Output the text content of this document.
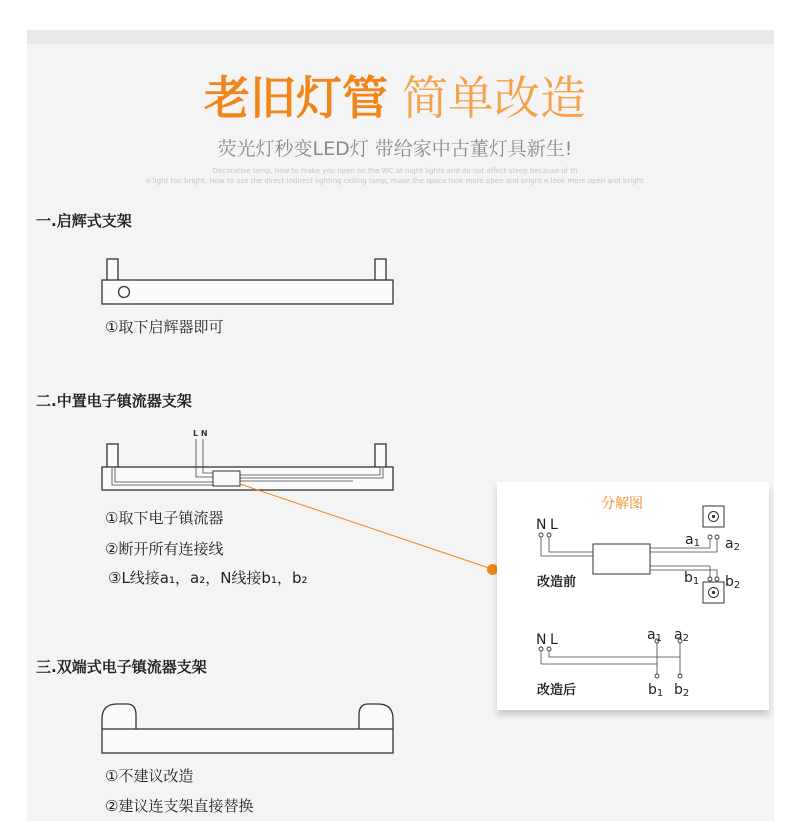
老旧灯管 简单改造
荧光灯秒变LED灯 带给家中古董灯具新生!
Decorative lamp, how to make you open on the WC at night lights and do not affect sleep because of th
e light too bright, How to use the direct indirect lighting ceiling lamp, make the space look more open and bright e look more open and bright
一.启辉式支架
①取下启辉器即可
二.中置电子镇流器支架
L N
①取下电子镇流器
②断开所有连接线
③L线接a₁，a₂，N线接b₁，b₂
三.双端式电子镇流器支架
①不建议改造
②建议连支架直接替换
分解图
N L
a1 a2
b1 b2
改造前
N L	a1 a2
b1 b2
改造后
